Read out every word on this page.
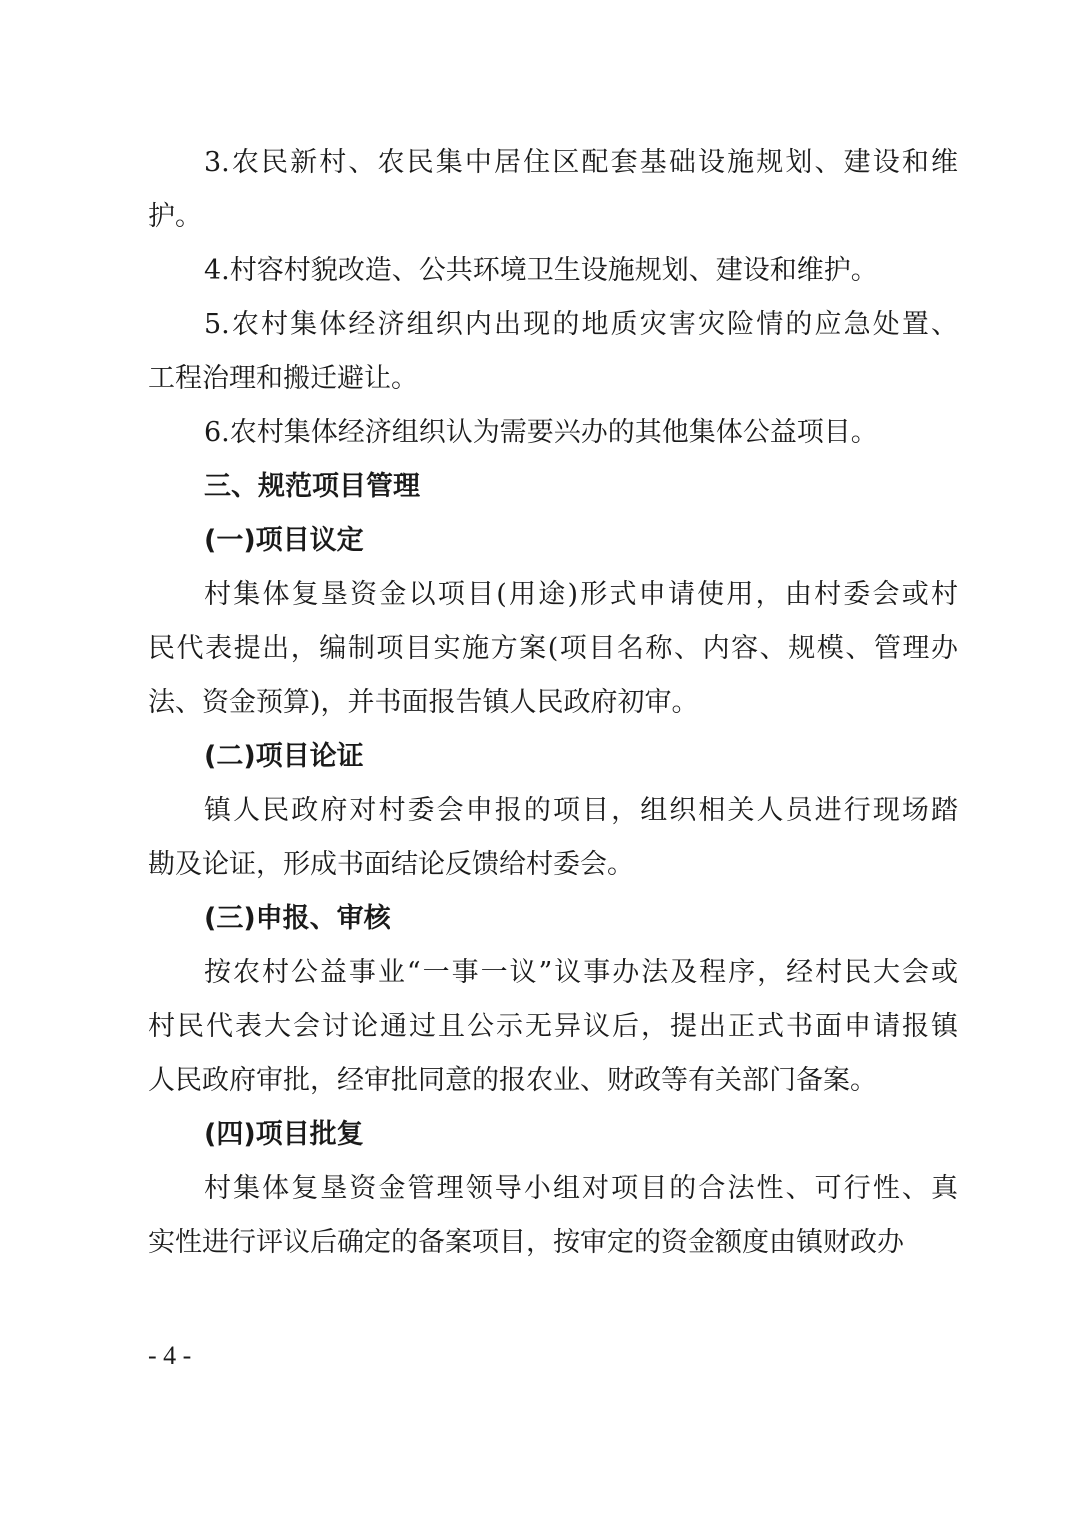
3.农民新村、农民集中居住区配套基础设施规划、建设和维
护。
4.村容村貌改造、公共环境卫生设施规划、建设和维护。
5.农村集体经济组织内出现的地质灾害灾险情的应急处置、
工程治理和搬迁避让。
6.农村集体经济组织认为需要兴办的其他集体公益项目。
三、规范项目管理
(一)项目议定
村集体复垦资金以项目(用途)形式申请使用，由村委会或村
民代表提出，编制项目实施方案(项目名称、内容、规模、管理办
法、资金预算)，并书面报告镇人民政府初审。
(二)项目论证
镇人民政府对村委会申报的项目，组织相关人员进行现场踏
勘及论证，形成书面结论反馈给村委会。
(三)申报、审核
按农村公益事业“一事一议”议事办法及程序，经村民大会或
村民代表大会讨论通过且公示无异议后，提出正式书面申请报镇
人民政府审批，经审批同意的报农业、财政等有关部门备案。
(四)项目批复
村集体复垦资金管理领导小组对项目的合法性、可行性、真
实性进行评议后确定的备案项目，按审定的资金额度由镇财政办
- 4 -
